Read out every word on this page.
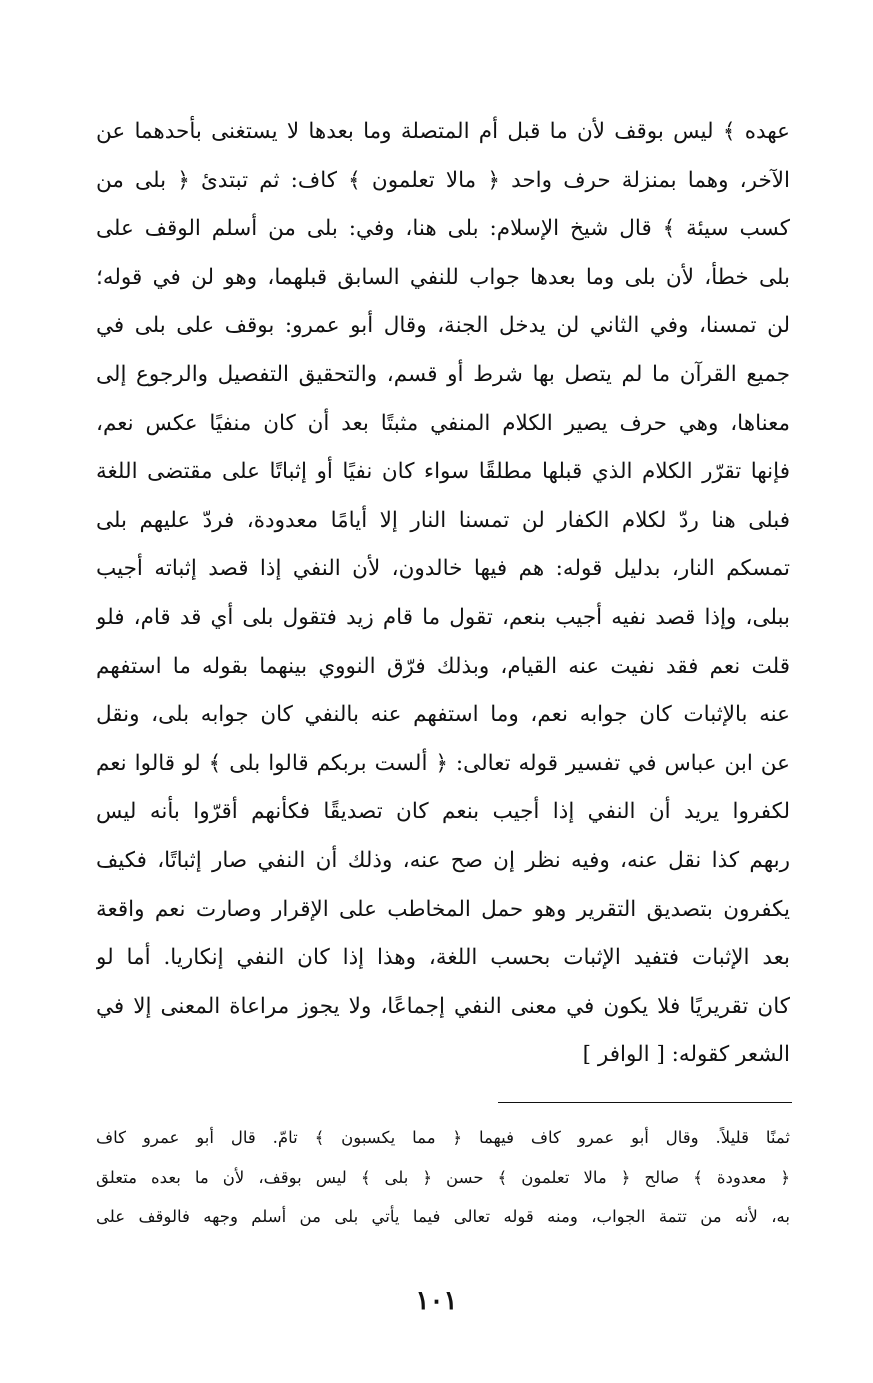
عهده ﴾ ليس بوقف لأن ما قبل أم المتصلة وما بعدها لا يستغنى بأحدهما عن
الآخر، وهما بمنزلة حرف واحد ﴿ مالا تعلمون ﴾ كاف: ثم تبتدئ ﴿ بلى من
كسب سيئة ﴾ قال شيخ الإسلام: بلى هنا، وفي: بلى من أسلم الوقف على
بلى خطأ، لأن بلى وما بعدها جواب للنفي السابق قبلهما، وهو لن في قوله؛
لن تمسنا، وفي الثاني لن يدخل الجنة، وقال أبو عمرو: بوقف على بلى في
جميع القرآن ما لم يتصل بها شرط أو قسم، والتحقيق التفصيل والرجوع إلى
معناها، وهي حرف يصير الكلام المنفي مثبتًا بعد أن كان منفيًا عكس نعم،
فإنها تقرّر الكلام الذي قبلها مطلقًا سواء كان نفيًا أو إثباتًا على مقتضى اللغة
فبلى هنا ردّ لكلام الكفار لن تمسنا النار إلا أيامًا معدودة، فردّ عليهم بلى
تمسكم النار، بدليل قوله: هم فيها خالدون، لأن النفي إذا قصد إثباته أجيب
ببلى، وإذا قصد نفيه أجيب بنعم، تقول ما قام زيد فتقول بلى أي قد قام، فلو
قلت نعم فقد نفيت عنه القيام، وبذلك فرّق النووي بينهما بقوله ما استفهم
عنه بالإثبات كان جوابه نعم، وما استفهم عنه بالنفي كان جوابه بلى، ونقل
عن ابن عباس في تفسير قوله تعالى: ﴿ ألست بربكم قالوا بلى ﴾ لو قالوا نعم
لكفروا يريد أن النفي إذا أجيب بنعم كان تصديقًا فكأنهم أقرّوا بأنه ليس
ربهم كذا نقل عنه، وفيه نظر إن صح عنه، وذلك أن النفي صار إثباتًا، فكيف
يكفرون بتصديق التقرير وهو حمل المخاطب على الإقرار وصارت نعم واقعة
بعد الإثبات فتفيد الإثبات بحسب اللغة، وهذا إذا كان النفي إنكاريا. أما لو
كان تقريريًا فلا يكون في معنى النفي إجماعًا، ولا يجوز مراعاة المعنى إلا في
الشعر كقوله: [ الوافر ]
ثمنًا قليلاً. وقال أبو عمرو كاف فيهما ﴿ مما يكسبون ﴾ تامّ. قال أبو عمرو كاف
﴿ معدودة ﴾ صالح ﴿ مالا تعلمون ﴾ حسن ﴿ بلى ﴾ ليس بوقف، لأن ما بعده متعلق
به، لأنه من تتمة الجواب، ومنه قوله تعالى فيما يأتي بلى من أسلم وجهه فالوقف على
١٠١
